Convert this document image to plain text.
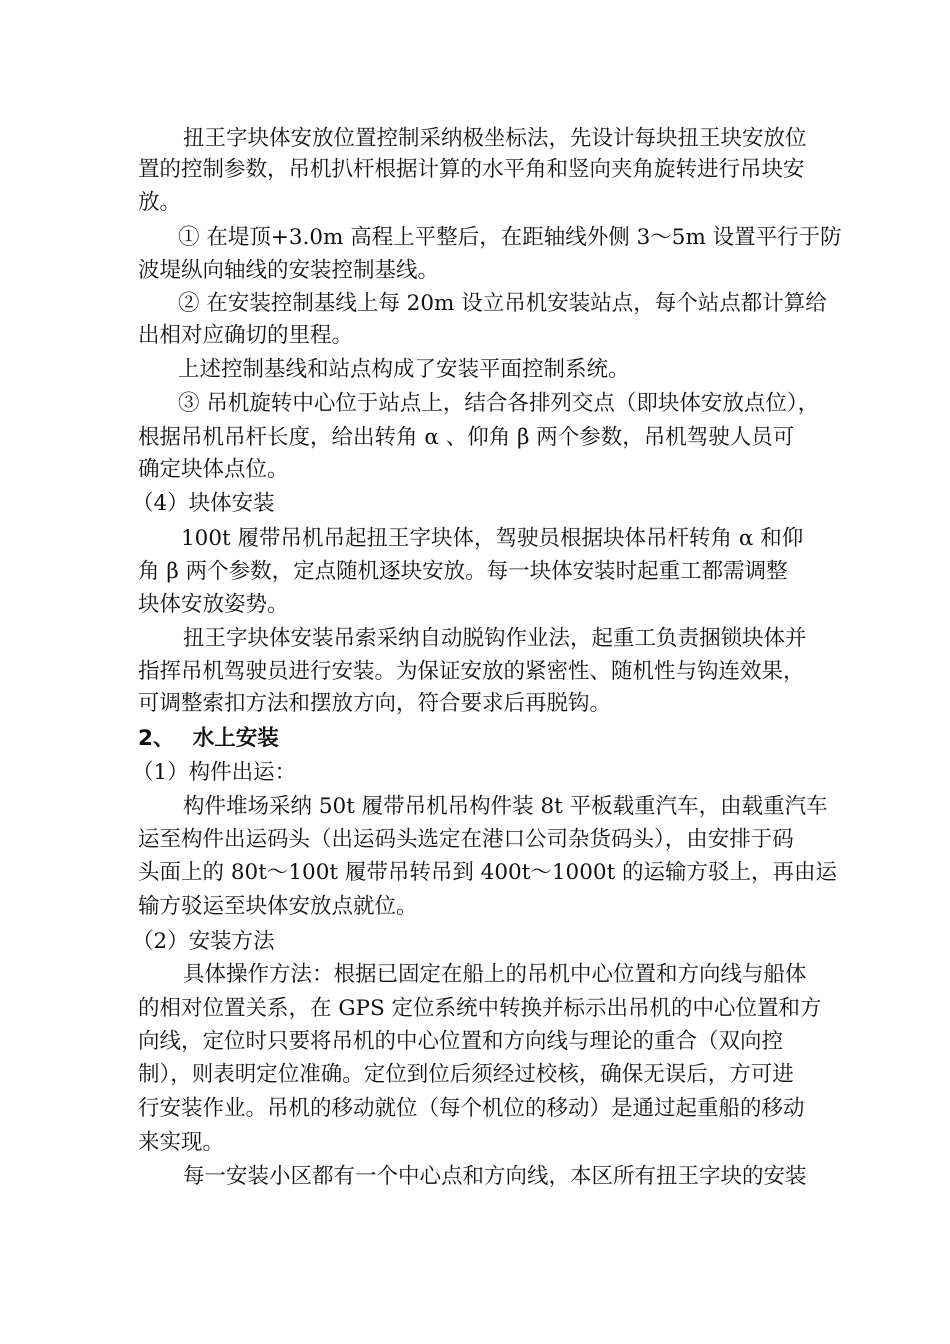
扭王字块体安放位置控制采纳极坐标法，先设计每块扭王块安放位
置的控制参数，吊机扒杆根据计算的水平角和竖向夹角旋转进行吊块安
放。
① 在堤顶+3.0m 高程上平整后，在距轴线外侧 3～5m 设置平行于防
波堤纵向轴线的安装控制基线。
② 在安装控制基线上每 20m 设立吊机安装站点，每个站点都计算给
出相对应确切的里程。
上述控制基线和站点构成了安装平面控制系统。
③ 吊机旋转中心位于站点上，结合各排列交点（即块体安放点位），
根据吊机吊杆长度，给出转角 α 、仰角 β 两个参数，吊机驾驶人员可
确定块体点位。
（4）块体安装
100t 履带吊机吊起扭王字块体，驾驶员根据块体吊杆转角 α 和仰
角 β 两个参数，定点随机逐块安放。每一块体安装时起重工都需调整
块体安放姿势。
扭王字块体安装吊索采纳自动脱钩作业法，起重工负责捆锁块体并
指挥吊机驾驶员进行安装。为保证安放的紧密性、随机性与钩连效果，
可调整索扣方法和摆放方向，符合要求后再脱钩。
2、　 水上安装
（1）构件出运：
构件堆场采纳 50t 履带吊机吊构件装 8t 平板载重汽车，由载重汽车
运至构件出运码头（出运码头选定在港口公司杂货码头），由安排于码
头面上的 80t～100t 履带吊转吊到 400t～1000t 的运输方驳上，再由运
输方驳运至块体安放点就位。
（2）安装方法
具体操作方法：根据已固定在船上的吊机中心位置和方向线与船体
的相对位置关系，在 GPS 定位系统中转换并标示出吊机的中心位置和方
向线，定位时只要将吊机的中心位置和方向线与理论的重合（双向控
制），则表明定位准确。定位到位后须经过校核，确保无误后，方可进
行安装作业。吊机的移动就位（每个机位的移动）是通过起重船的移动
来实现。
每一安装小区都有一个中心点和方向线，本区所有扭王字块的安装
